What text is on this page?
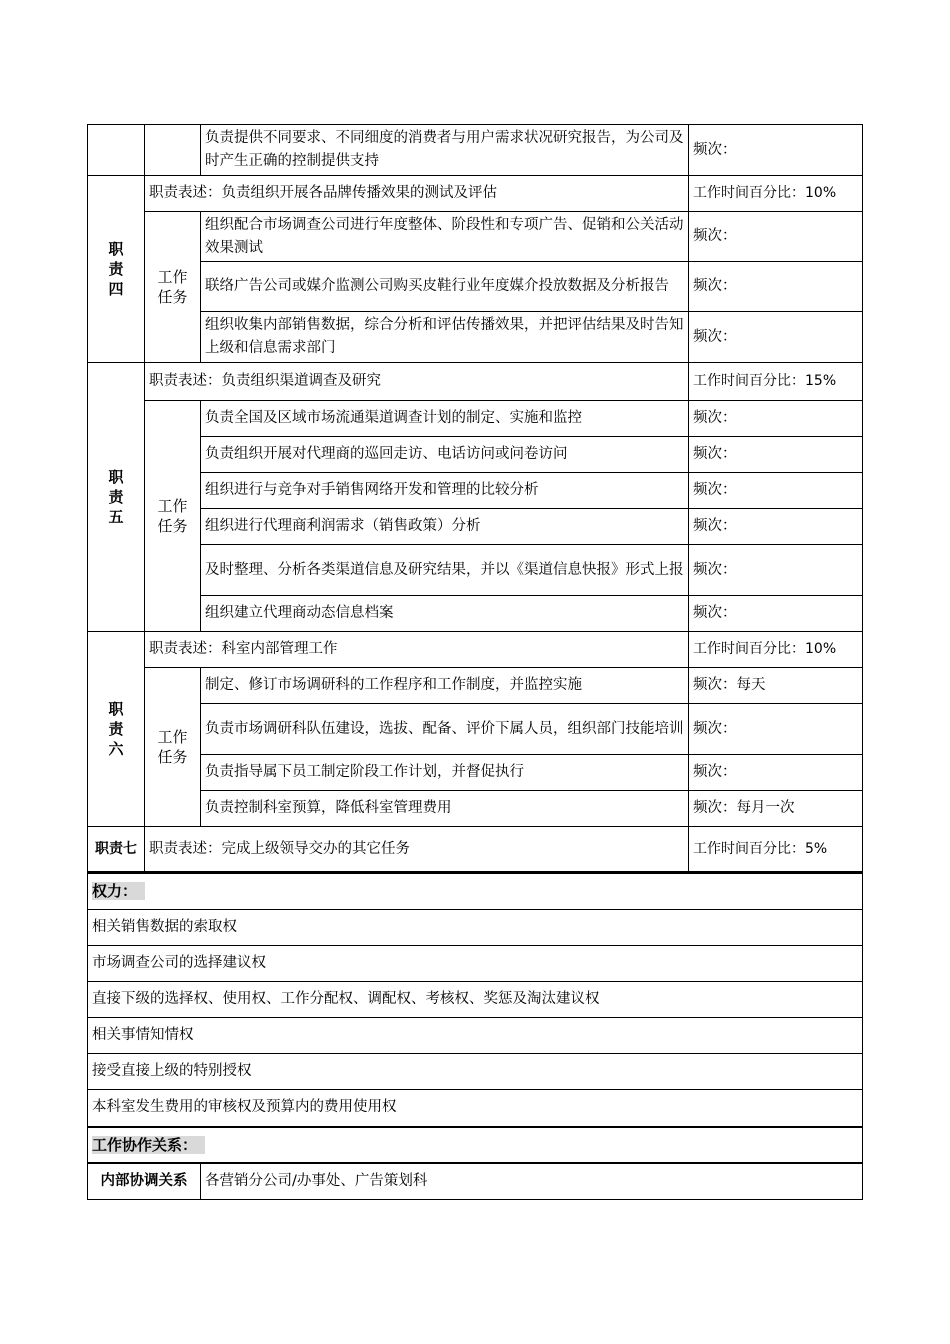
		负责提供不同要求、不同细度的消费者与用户需求状况研究报告，为公司及时产生正确的控制提供支持	频次：

职责四	职责表述：负责组织开展各品牌传播效果的测试及评估		工作时间百分比：10%

	工作任务	组织配合市场调查公司进行年度整体、阶段性和专项广告、促销和公关活动效果测试	频次：
		联络广告公司或媒介监测公司购买皮鞋行业年度媒介投放数据及分析报告	频次：
		组织收集内部销售数据，综合分析和评估传播效果，并把评估结果及时告知上级和信息需求部门	频次：

职责五	职责表述：负责组织渠道调查及研究		工作时间百分比：15%

	工作任务	负责全国及区域市场流通渠道调查计划的制定、实施和监控	频次：
		负责组织开展对代理商的巡回走访、电话访问或问卷访问	频次：
		组织进行与竞争对手销售网络开发和管理的比较分析	频次：
		组织进行代理商利润需求（销售政策）分析	频次：
		及时整理、分析各类渠道信息及研究结果，并以《渠道信息快报》形式上报	频次：
		组织建立代理商动态信息档案	频次：

职责六	职责表述：科室内部管理工作		工作时间百分比：10%

	工作任务	制定、修订市场调研科的工作程序和工作制度，并监控实施	频次：每天
		负责市场调研科队伍建设，选拔、配备、评价下属人员，组织部门技能培训	频次：
		负责指导属下员工制定阶段工作计划，并督促执行	频次：
		负责控制科室预算，降低科室管理费用	频次：每月一次
职责七	职责表述：完成上级领导交办的其它任务		工作时间百分比：5%
权力：
相关销售数据的索取权
市场调查公司的选择建议权
直接下级的选择权、使用权、工作分配权、调配权、考核权、奖惩及淘汰建议权
相关事情知情权
接受直接上级的特别授权
本科室发生费用的审核权及预算内的费用使用权
工作协作关系：
内部协调关系	各营销分公司/办事处、广告策划科
